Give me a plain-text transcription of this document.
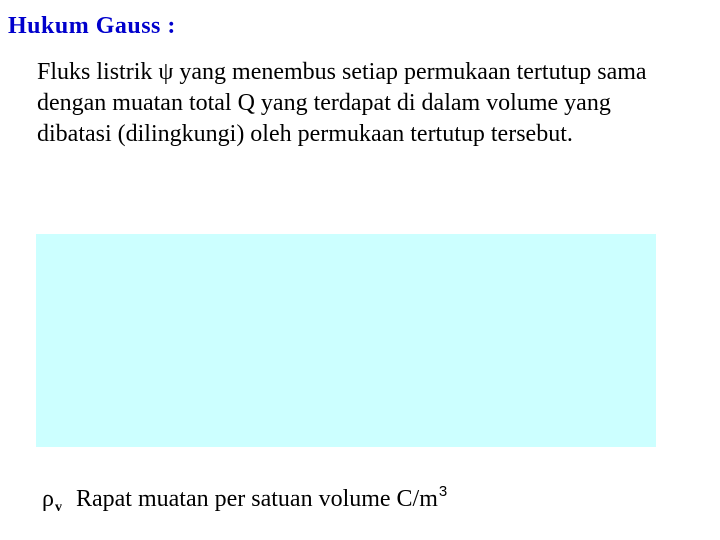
Hukum Gauss :

Fluks listrik ψ yang menembus setiap permukaan tertutup sama dengan muatan total Q yang terdapat di dalam volume yang dibatasi (dilingkungi) oleh permukaan tertutup tersebut.

$\rho_v$ Rapat muatan per satuan volume $C/m^3$
